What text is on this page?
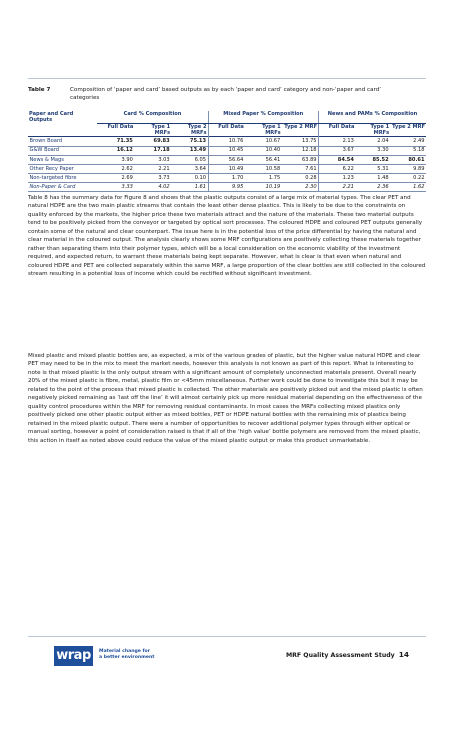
Table 7	Composition of ‘paper and card’ based outputs as by each ‘paper and card’ category and non-‘paper and card’ categories
Paper and Card Outputs	Card % Composition			Mixed Paper % Composition			News and PAMs % Composition		
	Full Data	Type 1 MRFs	Type 2 MRFs	Full Data	Type 1 MRFs	Type 2 MRF	Full Data	Type 1 MRFs	Type 2 MRF
Brown Board	71.35	69.83	75.13	10.76	10.67	13.75	2.13	2.04	2.49
G&W Board	16.12	17.18	13.49	10.45	10.40	12.18	3.67	3.30	5.18
News & Mags	3.90	3.03	6.05	56.64	56.41	63.89	84.54	85.52	80.61
Other Recy Paper	2.62	2.21	3.64	10.49	10.58	7.61	6.22	5.31	9.89
Non-targeted fibre	2.69	3.73	0.10	1.70	1.75	0.28	1.23	1.48	0.22
Non-Paper & Card	3.33	4.02	1.61	9.95	10.19	2.30	2.21	2.36	1.62

Table 8 has the summary data for Figure 8 and shows that the plastic outputs consist of a large mix of material types. The clear PET and natural HDPE are the two main plastic streams that contain the least other dense plastics. This is likely to be due to the constraints on quality enforced by the markets, the higher price these two materials attract and the nature of the materials. These two material outputs tend to be positively picked from the conveyor or targeted by optical sort processes. The coloured HDPE and coloured PET outputs generally contain some of the natural and clear counterpart. The issue here is in the potential loss of the price differential by having the natural and clear material in the coloured output. The analysis clearly shows some MRF configurations are positively collecting these materials together rather than separating them into their polymer types, which will be a local consideration on the economic viability of the investment required, and expected return, to warrant these materials being kept separate. However, what is clear is that even when natural and coloured HDPE and PET are collected separately within the same MRF, a large proportion of the clear bottles are still collected in the coloured stream resulting in a potential loss of income which could be rectified without significant investment.

Mixed plastic and mixed plastic bottles are, as expected, a mix of the various grades of plastic, but the higher value natural HDPE and clear PET may need to be in the mix to meet the market needs, however this analysis is not known as part of this report. What is interesting to note is that mixed plastic is the only output stream with a significant amount of completely unconnected materials present. Overall nearly 20% of the mixed plastic is fibre, metal, plastic film or <45mm miscellaneous. Further work could be done to investigate this but it may be related to the point of the process that mixed plastic is collected. The other materials are positively picked out and the mixed plastic is often negatively picked remaining as ‘last off the line’ it will almost certainly pick up more residual material depending on the effectiveness of the quality control procedures within the MRF for removing residual contaminants. In most cases the MRFs collecting mixed plastics only positively picked one other plastic output either as mixed bottles, PET or HDPE natural bottles with the remaining mix of plastics being retained in the mixed plastic output. There were a number of opportunities to recover additional polymer types through either optical or manual sorting, however a point of consideration raised is that if all of the ‘high value’ bottle polymers are removed from the mixed plastic, this action in itself as noted above could reduce the value of the mixed plastic output or make this product unmarketable.

wrap	Material change for
a better environment	MRF Quality Assessment Study 14
